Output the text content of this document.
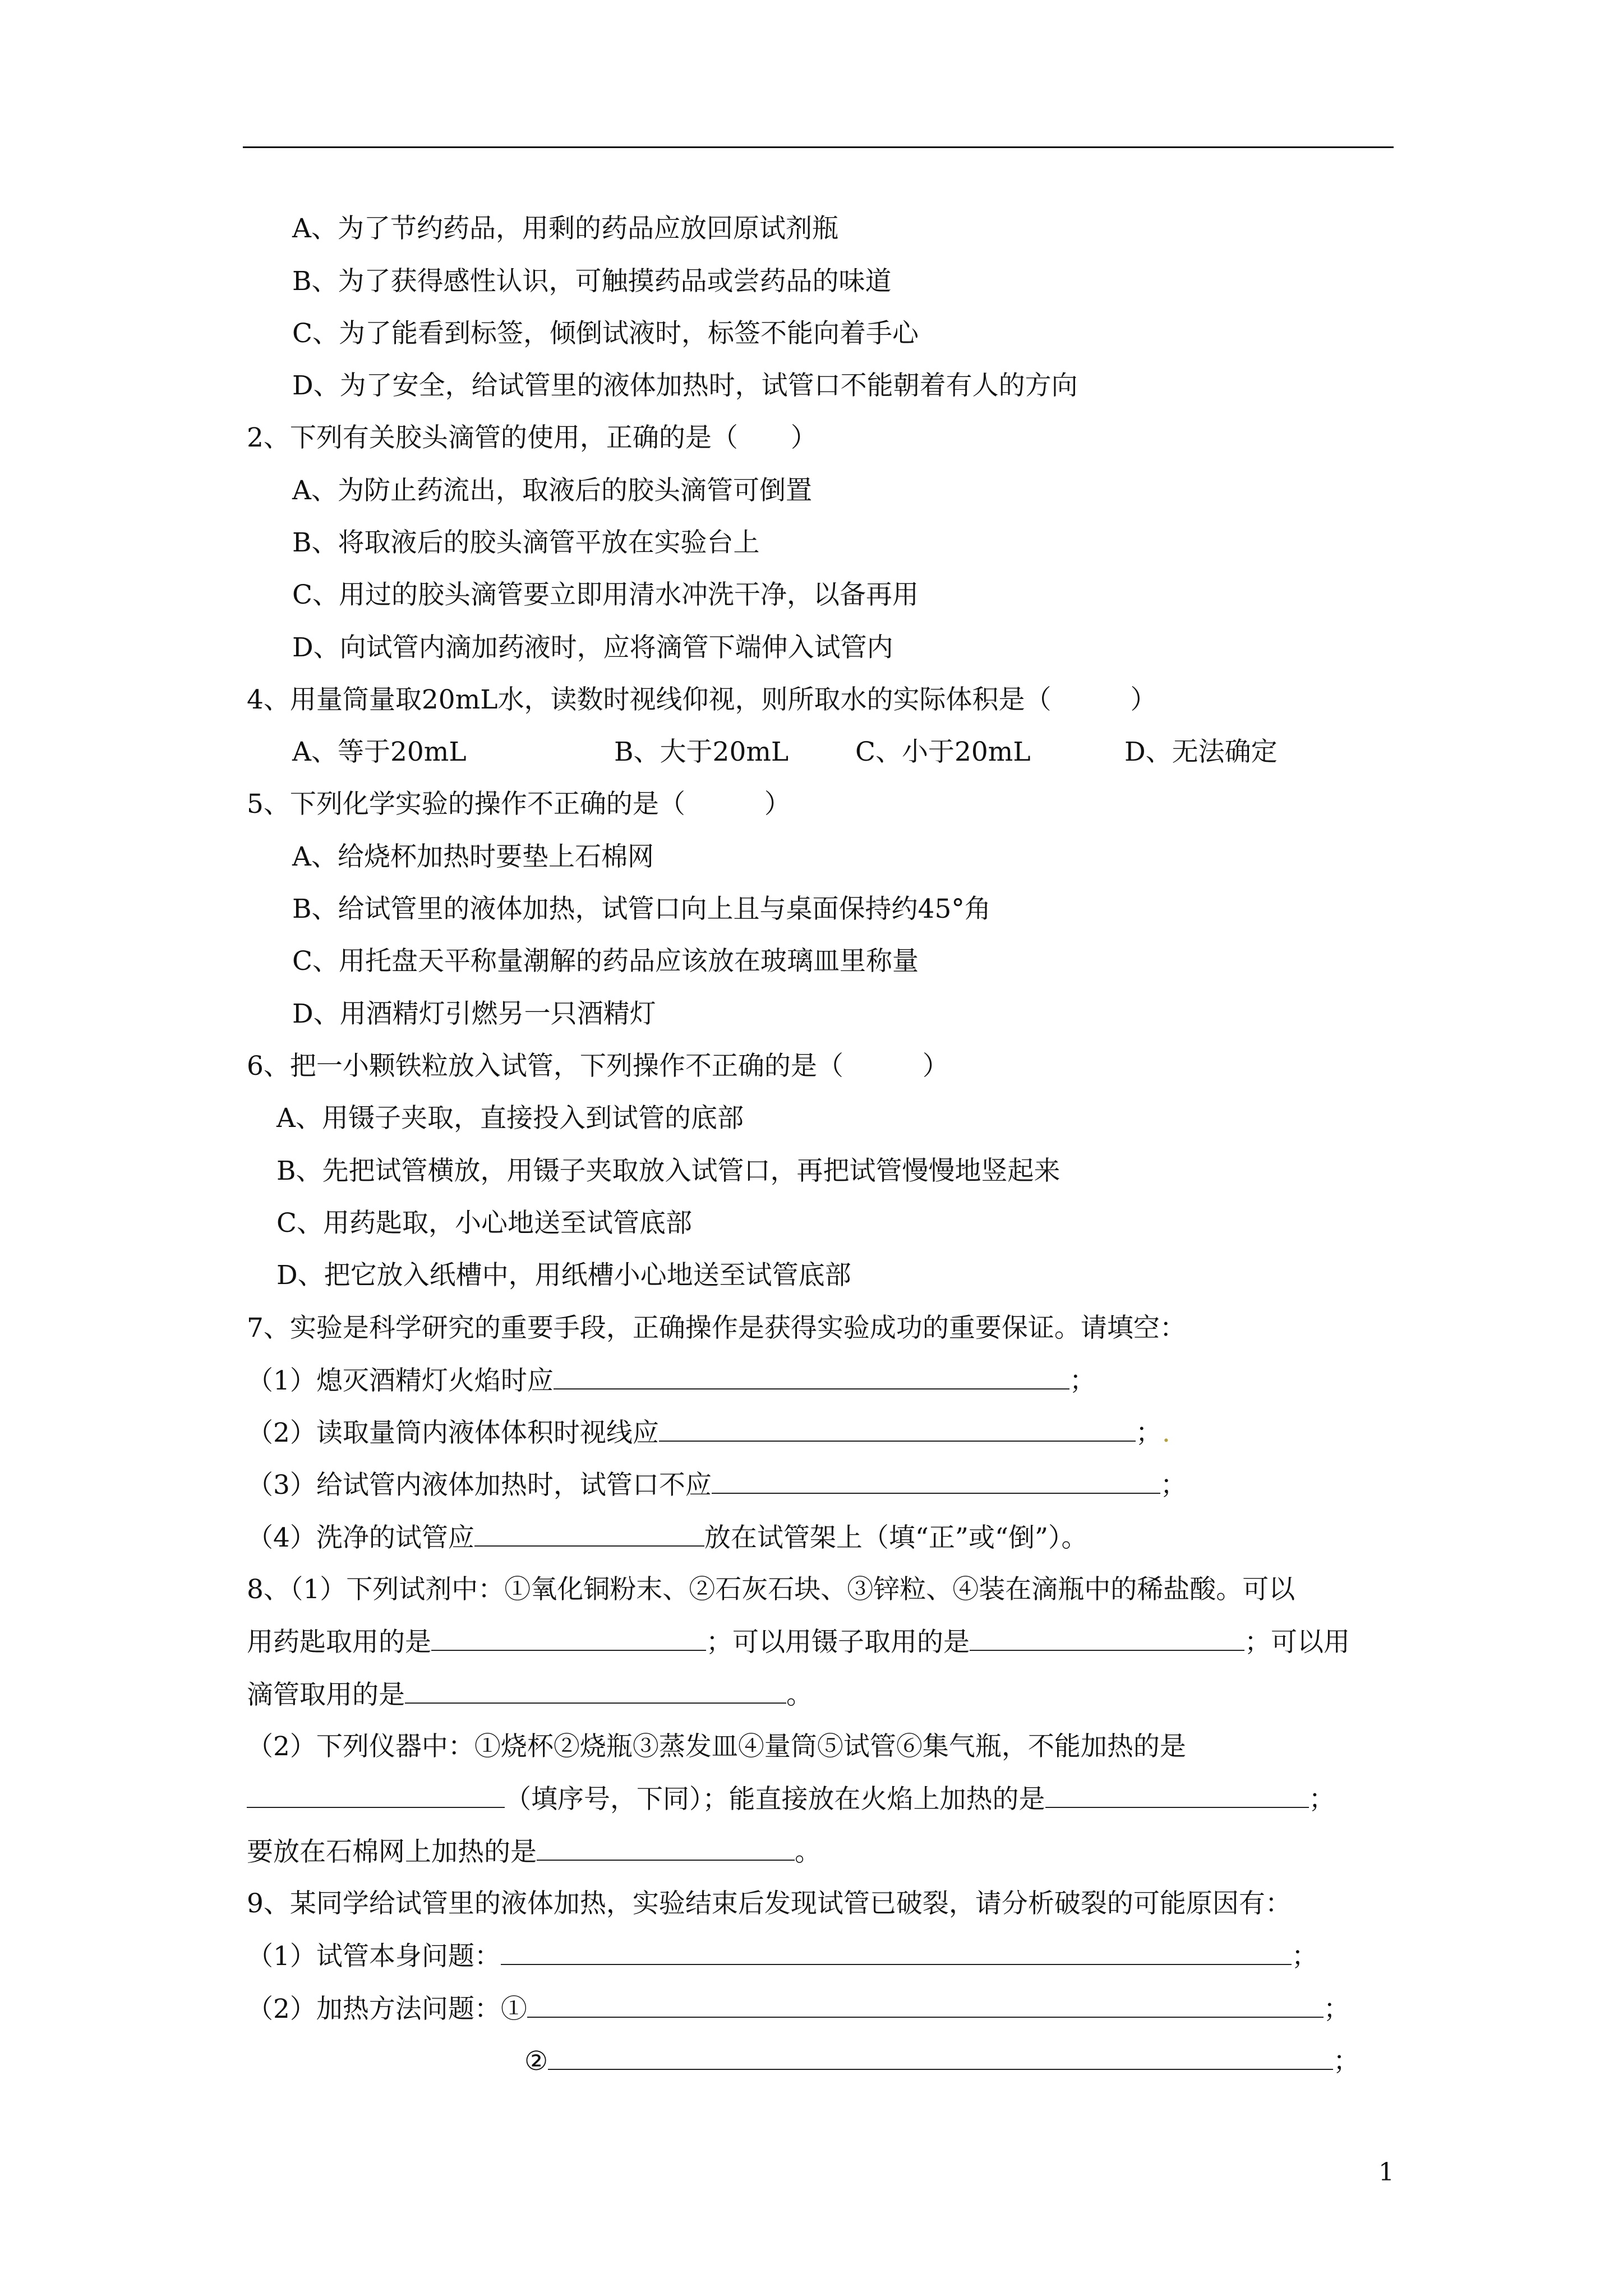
A、为了节约药品，用剩的药品应放回原试剂瓶
B、为了获得感性认识，可触摸药品或尝药品的味道
C、为了能看到标签，倾倒试液时，标签不能向着手心
D、为了安全，给试管里的液体加热时，试管口不能朝着有人的方向
2、下列有关胶头滴管的使用，正确的是（　　）
A、为防止药流出，取液后的胶头滴管可倒置
B、将取液后的胶头滴管平放在实验台上
C、用过的胶头滴管要立即用清水冲洗干净，以备再用
D、向试管内滴加药液时，应将滴管下端伸入试管内
4、用量筒量取20mL水，读数时视线仰视，则所取水的实际体积是（　　　）
A、等于20mL	B、大于20mL	C、小于20mL	D、无法确定
5、下列化学实验的操作不正确的是（　　　）
A、给烧杯加热时要垫上石棉网
B、给试管里的液体加热，试管口向上且与桌面保持约45°角
C、用托盘天平称量潮解的药品应该放在玻璃皿里称量
D、用酒精灯引燃另一只酒精灯
6、把一小颗铁粒放入试管，下列操作不正确的是（　　　）
A、用镊子夹取，直接投入到试管的底部
B、先把试管横放，用镊子夹取放入试管口，再把试管慢慢地竖起来
C、用药匙取，小心地送至试管底部
D、把它放入纸槽中，用纸槽小心地送至试管底部
7、实验是科学研究的重要手段，正确操作是获得实验成功的重要保证。请填空：
（1）熄灭酒精灯火焰时应	；
（2）读取量筒内液体体积时视线应	；.
（3）给试管内液体加热时，试管口不应	；
（4）洗净的试管应	放在试管架上（填“正”或“倒”）。
8、（1）下列试剂中：①氧化铜粉末、②石灰石块、③锌粒、④装在滴瓶中的稀盐酸。可以
用药匙取用的是	；可以用镊子取用的是	；可以用
滴管取用的是	。
（2）下列仪器中：①烧杯②烧瓶③蒸发皿④量筒⑤试管⑥集气瓶，不能加热的是
（填序号，下同）；能直接放在火焰上加热的是	；
要放在石棉网上加热的是	。
9、某同学给试管里的液体加热，实验结束后发现试管已破裂，请分析破裂的可能原因有：
（1）试管本身问题：	；
（2）加热方法问题：①	；
②	；
1
